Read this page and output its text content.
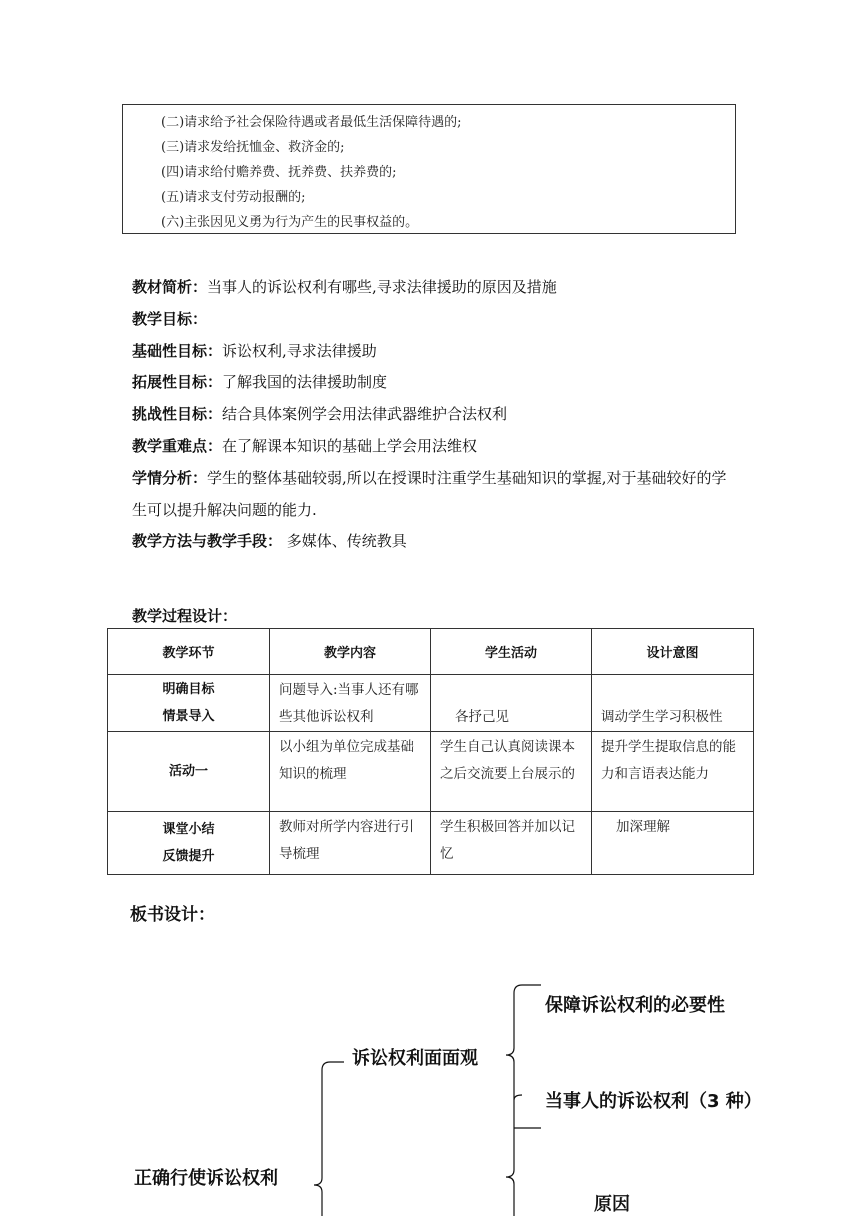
(二)请求给予社会保险待遇或者最低生活保障待遇的;
(三)请求发给抚恤金、救济金的;
(四)请求给付赡养费、抚养费、扶养费的;
(五)请求支付劳动报酬的;
(六)主张因见义勇为行为产生的民事权益的。
教材简析：当事人的诉讼权利有哪些,寻求法律援助的原因及措施
教学目标：
基础性目标：诉讼权利,寻求法律援助
拓展性目标：了解我国的法律援助制度
挑战性目标：结合具体案例学会用法律武器维护合法权利
教学重难点：在了解课本知识的基础上学会用法维权
学情分析：学生的整体基础较弱,所以在授课时注重学生基础知识的掌握,对于基础较好的学生可以提升解决问题的能力.
教学方法与教学手段： 多媒体、传统教具
教学过程设计：
教学环节	教学内容	学生活动	设计意图

明确目标
情景导入	问题导入:当事人还有哪些其他诉讼权利	各抒己见	调动学生学习积极性

活动一	以小组为单位完成基础知识的梳理	学生自己认真阅读课本之后交流要上台展示的	提升学生提取信息的能力和言语表达能力

课堂小结
反馈提升	教师对所学内容进行引导梳理	学生积极回答并加以记忆	加深理解
板书设计：
正确行使诉讼权利
诉讼权利面面观
保障诉讼权利的必要性
当事人的诉讼权利（3 种）
原因
